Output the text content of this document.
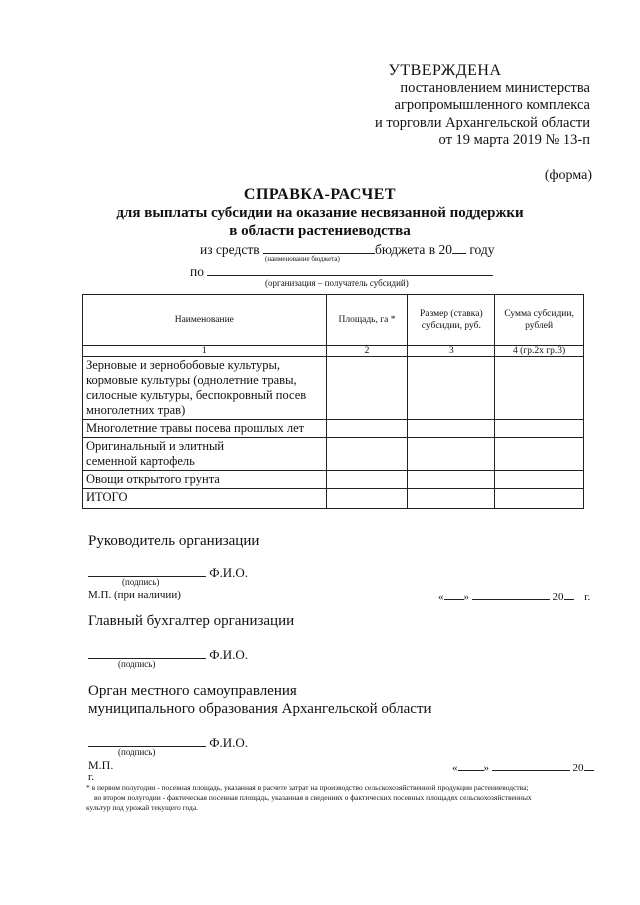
УТВЕРЖДЕНА
постановлением министерства
агропромышленного комплекса
и торговли Архангельской области
от 19 марта 2019 № 13-п
(форма)
СПРАВКА-РАСЧЕТ
для выплаты субсидии на оказание несвязанной поддержки
в области растениеводства
из средств	бюджета в 20 году
(наименование бюджета)
по
(организация – получатель субсидий)
Наименование	Площадь, га *	Размер (ставка) субсидии, руб.	Сумма субсидии, рублей
1	2	3	4 (гр.2х гр.3)
Зерновые и зернобобовые культуры, кормовые культуры (однолетние травы, силосные культуры, беспокровный посев многолетних трав)			
Многолетние травы посева прошлых лет			

Оригинальный и элитный семенной картофель			

Овощи открытого грунта			
ИТОГО			
Руководитель организации
Ф.И.О.
(подпись)
М.П. (при наличии)	« »	20 г.
Главный бухгалтер организации
Ф.И.О.
(подпись)
Орган местного самоуправления
муниципального образования Архангельской области
Ф.И.О.
(подпись)
М.П.
г.
« »	20
* в первом полугодии - посевная площадь, указанная в расчете затрат на производство сельскохозяйственной продукции растениеводства;
во втором полугодии - фактическая посевная площадь, указанная в сведениях о фактических посевных площадях сельскохозяйственных культур под урожай текущего года.
